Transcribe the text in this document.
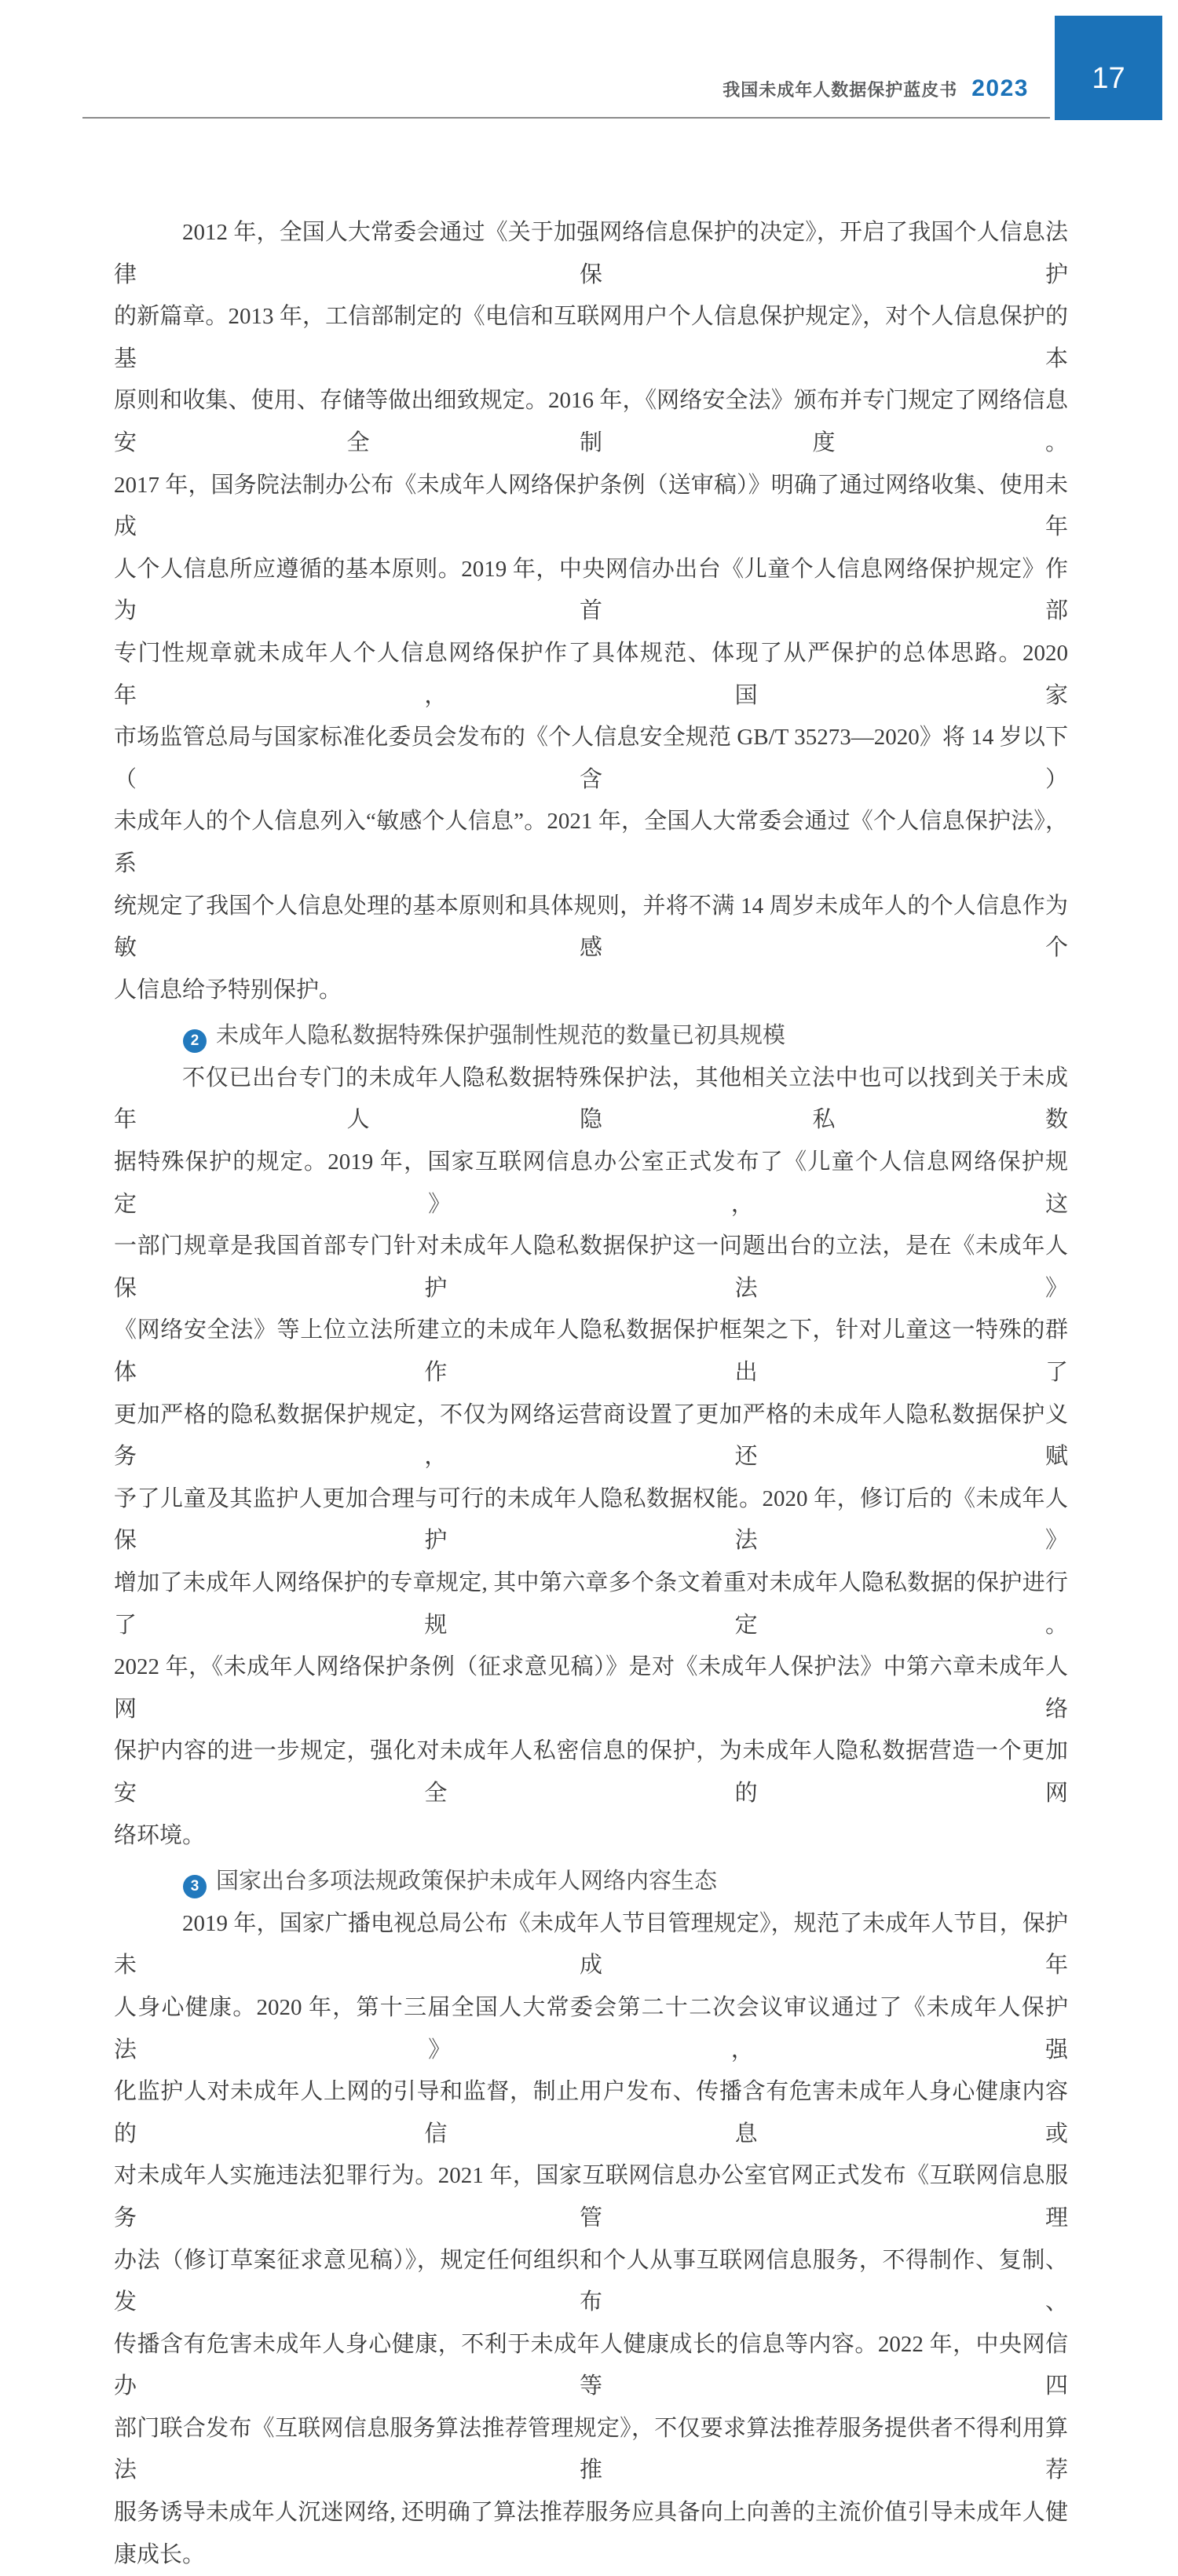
我国未成年人数据保护蓝皮书 2023 17
2012 年，全国人大常委会通过《关于加强网络信息保护的决定》，开启了我国个人信息法律保护
的新篇章。2013 年，工信部制定的《电信和互联网用户个人信息保护规定》，对个人信息保护的基本
原则和收集、使用、存储等做出细致规定。2016 年，《网络安全法》颁布并专门规定了网络信息安全制度。
2017 年，国务院法制办公布《未成年人网络保护条例（送审稿）》明确了通过网络收集、使用未成年
人个人信息所应遵循的基本原则。2019 年，中央网信办出台《儿童个人信息网络保护规定》作为首部
专门性规章就未成年人个人信息网络保护作了具体规范、体现了从严保护的总体思路。2020 年，国家
市场监管总局与国家标准化委员会发布的《个人信息安全规范 GB/T 35273—2020》将 14 岁以下（含）
未成年人的个人信息列入“敏感个人信息”。2021 年，全国人大常委会通过《个人信息保护法》，系
统规定了我国个人信息处理的基本原则和具体规则，并将不满 14 周岁未成年人的个人信息作为敏感个
人信息给予特别保护。
2 未成年人隐私数据特殊保护强制性规范的数量已初具规模
不仅已出台专门的未成年人隐私数据特殊保护法，其他相关立法中也可以找到关于未成年人隐私数
据特殊保护的规定。2019 年，国家互联网信息办公室正式发布了《儿童个人信息网络保护规定》，这
一部门规章是我国首部专门针对未成年人隐私数据保护这一问题出台的立法，是在《未成年人保护法》
《网络安全法》等上位立法所建立的未成年人隐私数据保护框架之下，针对儿童这一特殊的群体作出了
更加严格的隐私数据保护规定，不仅为网络运营商设置了更加严格的未成年人隐私数据保护义务，还赋
予了儿童及其监护人更加合理与可行的未成年人隐私数据权能。2020 年，修订后的《未成年人保护法》
增加了未成年人网络保护的专章规定, 其中第六章多个条文着重对未成年人隐私数据的保护进行了规定。
2022 年，《未成年人网络保护条例（征求意见稿）》是对《未成年人保护法》中第六章未成年人网络
保护内容的进一步规定，强化对未成年人私密信息的保护，为未成年人隐私数据营造一个更加安全的网
络环境。
3 国家出台多项法规政策保护未成年人网络内容生态
2019 年，国家广播电视总局公布《未成年人节目管理规定》，规范了未成年人节目，保护未成年
人身心健康。2020 年，第十三届全国人大常委会第二十二次会议审议通过了《未成年人保护法》，强
化监护人对未成年人上网的引导和监督，制止用户发布、传播含有危害未成年人身心健康内容的信息或
对未成年人实施违法犯罪行为。2021 年，国家互联网信息办公室官网正式发布《互联网信息服务管理
办法（修订草案征求意见稿）》，规定任何组织和个人从事互联网信息服务，不得制作、复制、发布、
传播含有危害未成年人身心健康，不利于未成年人健康成长的信息等内容。2022 年，中央网信办等四
部门联合发布《互联网信息服务算法推荐管理规定》，不仅要求算法推荐服务提供者不得利用算法推荐
服务诱导未成年人沉迷网络, 还明确了算法推荐服务应具备向上向善的主流价值引导未成年人健康成长。
